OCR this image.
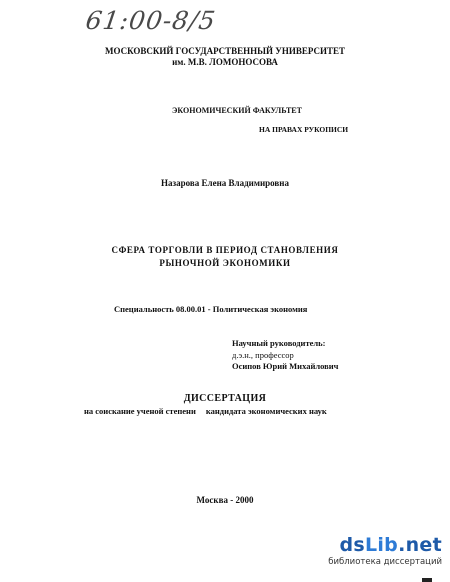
61:00-8/5
МОСКОВСКИЙ ГОСУДАРСТВЕННЫЙ УНИВЕРСИТЕТ
им. М.В. ЛОМОНОСОВА
ЭКОНОМИЧЕСКИЙ ФАКУЛЬТЕТ
НА ПРАВАХ РУКОПИСИ
Назарова Елена Владимировна
СФЕРА ТОРГОВЛИ В ПЕРИОД СТАНОВЛЕНИЯ
РЫНОЧНОЙ ЭКОНОМИКИ
Специальность 08.00.01 - Политическая экономия
Научный руководитель:
д.э.н., профессор
Осипов Юрий Михайлович
ДИССЕРТАЦИЯ
на соискание ученой степени кандидата экономических наук
Москва - 2000
dsLib.net
библиотека диссертаций
